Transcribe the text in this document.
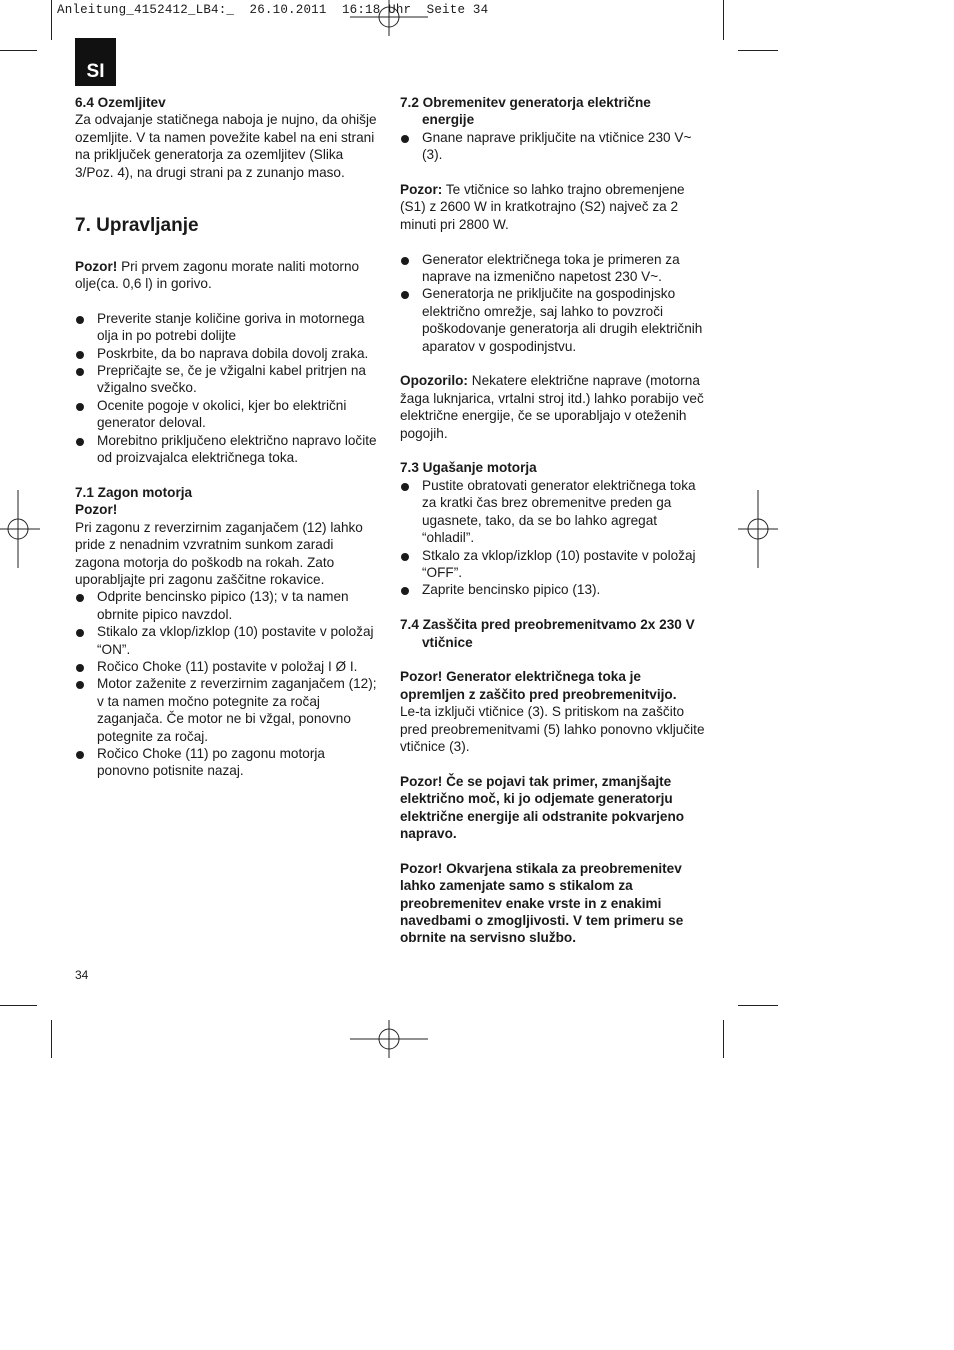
Anleitung_4152412_LB4:_  26.10.2011  16:18 Uhr  Seite 34
SI

6.4 Ozemljitev

Za odvajanje statičnega naboja je nujno, da ohišje ozemljite. V ta namen povežite kabel na eni strani na priključek generatorja za ozemljitev (Slika 3/Poz. 4), na drugi strani pa z zunanjo maso.

7. Upravljanje

Pozor! Pri prvem zagonu morate naliti motorno olje(ca. 0,6 l) in gorivo.

Preverite stanje količine goriva in motornega olja in po potrebi dolijte
Poskrbite, da bo naprava dobila dovolj zraka.
Prepričajte se, če je vžigalni kabel pritrjen na vžigalno svečko.
Ocenite pogoje v okolici, kjer bo električni generator deloval.
Morebitno priključeno električno napravo ločite od proizvajalca električnega toka.

7.1 Zagon motorja

Pozor!

Pri zagonu z reverzirnim zaganjačem (12) lahko pride z nenadnim vzvratnim sunkom zaradi zagona motorja do poškodb na rokah. Zato uporabljajte pri zagonu zaščitne rokavice.

Odprite bencinsko pipico (13); v ta namen obrnite pipico navzdol.
Stikalo za vklop/izklop (10) postavite v položaj “ON”.
Ročico Choke (11) postavite v položaj I Ø I.
Motor zaženite z reverzirnim zaganjačem (12); v ta namen močno potegnite za ročaj zaganjača. Če motor ne bi vžgal, ponovno potegnite za ročaj.
Ročico Choke (11) po zagonu motorja ponovno potisnite nazaj.

7.2 Obremenitev generatorja električne energije

Gnane naprave priključite na vtičnice 230 V~ (3).

Pozor: Te vtičnice so lahko trajno obremenjene (S1) z 2600 W in kratkotrajno (S2) največ za 2 minuti pri 2800 W.

Generator električnega toka je primeren za naprave na izmenično napetost 230 V~.
Generatorja ne priključite na gospodinjsko električno omrežje, saj lahko to povzroči poškodovanje generatorja ali drugih električnih aparatov v gospodinjstvu.

Opozorilo: Nekatere električne naprave (motorna žaga luknjarica, vrtalni stroj itd.) lahko porabijo več električne energije, če se uporabljajo v oteženih pogojih.

7.3 Ugašanje motorja

Pustite obratovati generator električnega toka za kratki čas brez obremenitve preden ga ugasnete, tako, da se bo lahko agregat “ohladil”.
Stkalo za vklop/izklop (10) postavite v položaj “OFF”.
Zaprite bencinsko pipico (13).

7.4 Zasščita pred preobremenitvamo 2x 230 V vtičnice

Pozor! Generator električnega toka je opremljen z zaščito pred preobremenitvijo.

Le-ta izključi vtičnice (3). S pritiskom na zaščito pred preobremenitvami (5) lahko ponovno vključite vtičnice (3).

Pozor! Če se pojavi tak primer, zmanjšajte električno moč, ki jo odjemate generatorju električne energije ali odstranite pokvarjeno napravo.

Pozor! Okvarjena stikala za preobremenitev lahko zamenjate samo s stikalom za preobremenitev enake vrste in z enakimi navedbami o zmogljivosti. V tem primeru se obrnite na servisno službo.

34
